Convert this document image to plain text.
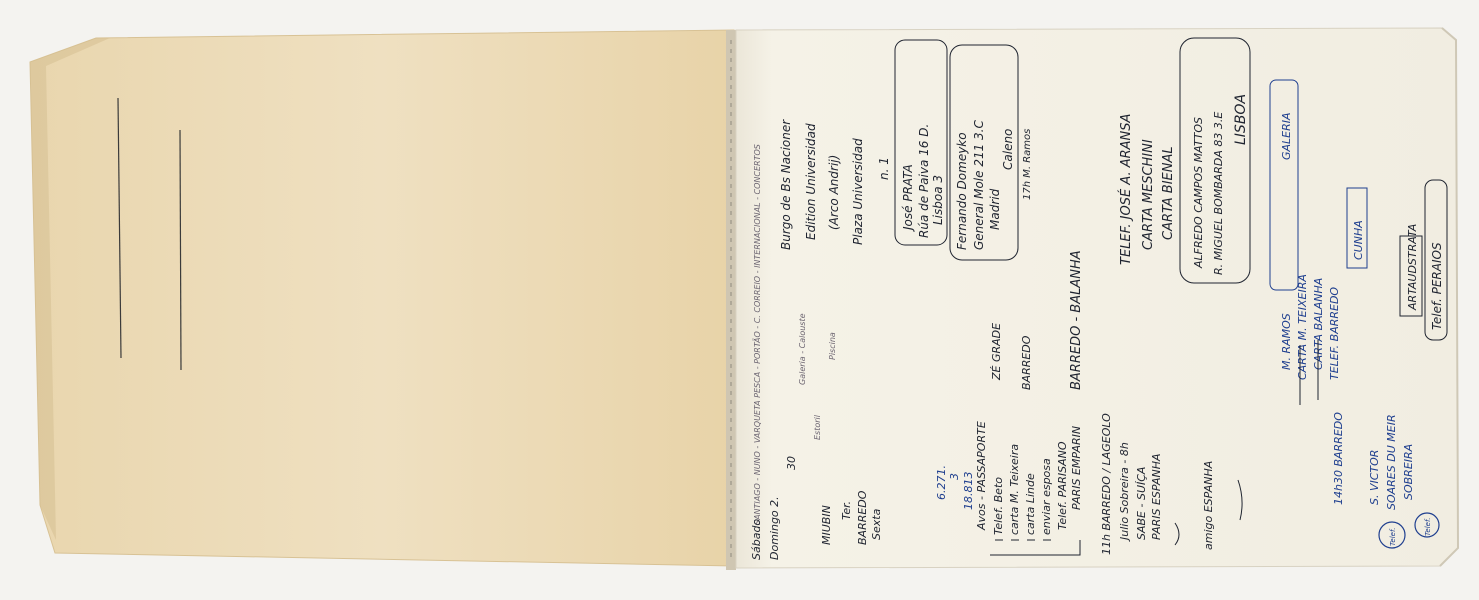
SANTIAGO - NUNO - VARQUETA PESCA - PORTÃO - C. CORREIO - INTERNACIONAL - CONCERTOS	Galeria - Calouste	Piscina
Estoril
Burgo de Bs Nacioner Edition Universidad (Arco Andrij) Plaza Universidad n. 1 José PRATA Rúa de Paiva 16 D. Lisboa 3 Fernando Domeyko General Mole 211 3.C Madrid
Caleno 17h M. Ramos
BARREDO - BALANHA
TELEF. JOSÉ A. ARANSA CARTA MESCHINI CARTA BIENAL ALFREDO CAMPOS MATTOS R. MIGUEL BOMBARDA 83 3.E LISBOA
6.271. 3 18.813 Avos - PASSAPORTE Telef. Beto carta M. Teixeira carta Linde enviar esposa Telef. PARISANO PARIS EMPARIN 11h BARREDO / LAGEOLO Julio Sobreira - 8h SABE - SUÍÇA PARIS ESPANHA	amigo ESPANHA
BARREDO
Sábado Domingo 2.
30
Sexta
Ter.
MIUBIN BARREDO
ZÉ GRADE	M. RAMOS CARTA M. TEIXEIRA CARTA BALANHA TELEF. BARREDO
14h30 BARREDO S. VICTOR SOARES DU MEIR SOBREIRA
GALERIA
CUNHA	ARTAUDSTRATA Telef. PERAIOS
Telef.
Telef.
